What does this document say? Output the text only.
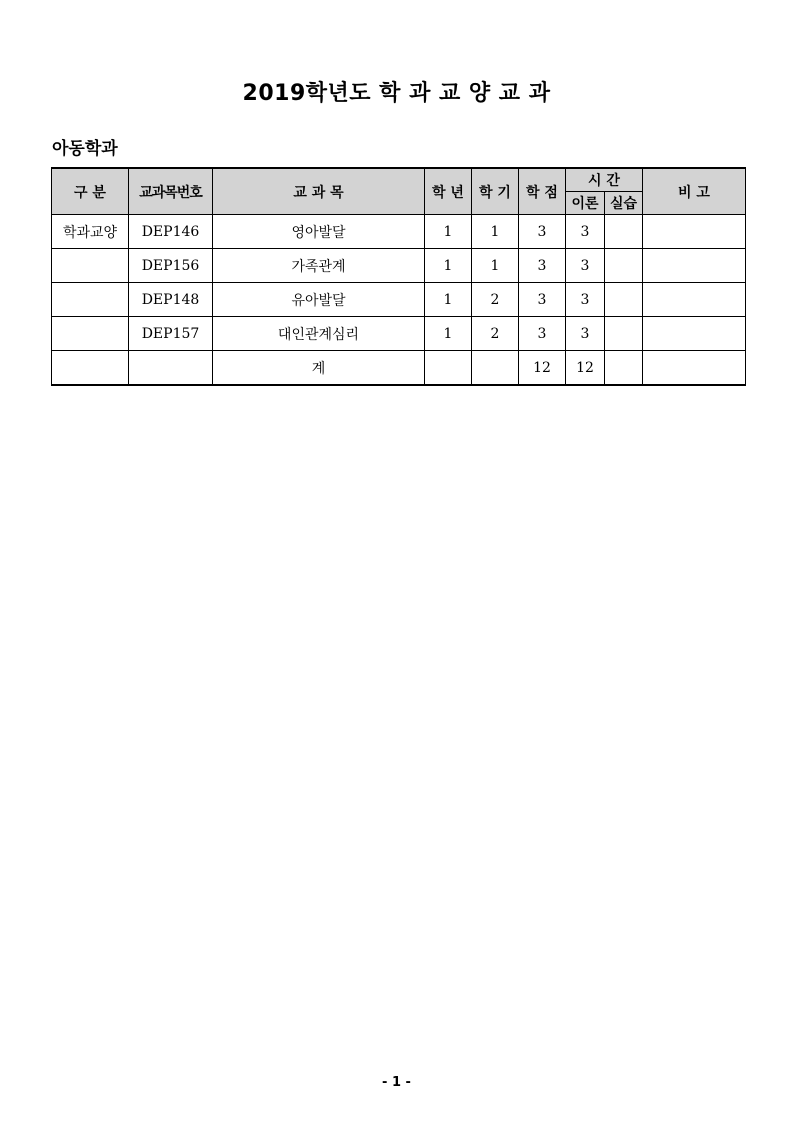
2019학년도 학 과 교 양 교 과
아동학과
구 분	교과목번호	교 과 목	학 년	학 기	학 점	시 간		비 고
						이론	실습	
학과교양	DEP146	영아발달	1	1	3	3		
	DEP156	가족관계	1	1	3	3		
	DEP148	유아발달	1	2	3	3		
	DEP157	대인관계심리	1	2	3	3		
		계			12	12		
- 1 -
